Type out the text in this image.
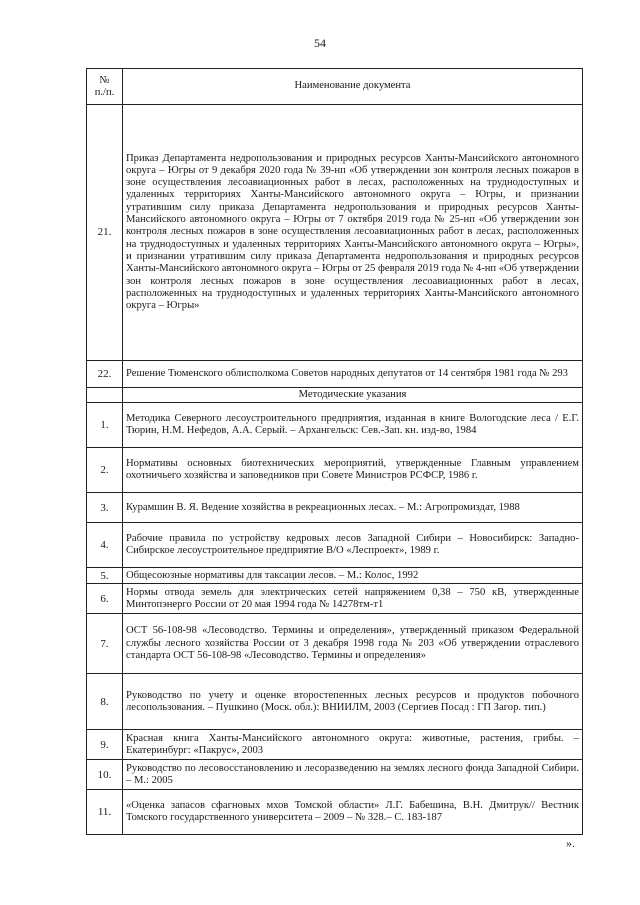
54
№
п./п.	Наименование документа
21.	Приказ Департамента недропользования и природных ресурсов Ханты-Мансийского автономного округа – Югры от 9 декабря 2020 года № 39-нп «Об утверждении зон контроля лесных пожаров в зоне осуществления лесоавиационных работ в лесах, расположенных на труднодоступных и удаленных территориях Ханты-Мансийского автономного округа – Югры, и признании утратившим силу приказа Департамента недропользования и природных ресурсов Ханты-Мансийского автономного округа – Югры от 7 октября 2019 года № 25-нп «Об утверждении зон контроля лесных пожаров в зоне осуществления лесоавиационных работ в лесах, расположенных на труднодоступных и удаленных территориях Ханты-Мансийского автономного округа – Югры», и признании утратившим силу приказа Департамента недропользования и природных ресурсов Ханты-Мансийского автономного округа – Югры от 25 февраля 2019 года № 4-нп «Об утверждении зон контроля лесных пожаров в зоне осуществления лесоавиационных работ в лесах, расположенных на труднодоступных и удаленных территориях Ханты-Мансийского автономного округа – Югры»
22.	Решение Тюменского облисполкома Советов народных депутатов от 14 сентября 1981 года № 293
	Методические указания
1.	Методика Северного лесоустроительного предприятия, изданная в книге Вологодские леса / Е.Г. Тюрин, Н.М. Нефедов, А.А. Серый. – Архангельск: Сев.-Зап. кн. изд-во, 1984
2.	Нормативы основных биотехнических мероприятий, утвержденные Главным управлением охотничьего хозяйства и заповедников при Совете Министров РСФСР, 1986 г.
3.	Курамшин В. Я. Ведение хозяйства в рекреационных лесах. – М.: Агропромиздат, 1988
4.	Рабочие правила по устройству кедровых лесов Западной Сибири – Новосибирск: Западно-Сибирское лесоустроительное предприятие В/О «Леспроект», 1989 г.
5.	Общесоюзные нормативы для таксации лесов. – М.: Колос, 1992
6.	Нормы отвода земель для электрических сетей напряжением 0,38 – 750 кВ, утвержденные Минтопэнерго России от 20 мая 1994 года № 14278тм-т1
7.	ОСТ 56-108-98 «Лесоводство. Термины и определения», утвержденный приказом Федеральной службы лесного хозяйства России от 3 декабря 1998 года № 203 «Об утверждении отраслевого стандарта ОСТ 56-108-98 «Лесоводство. Термины и определения»
8.	Руководство по учету и оценке второстепенных лесных ресурсов и продуктов побочного лесопользования. – Пушкино (Моск. обл.): ВНИИЛМ, 2003 (Сергиев Посад : ГП Загор. тип.)
9.	Красная книга Ханты-Мансийского автономного округа: животные, растения, грибы. – Екатеринбург: «Пакрус», 2003
10.	Руководство по лесовосстановлению и лесоразведению на землях лесного фонда Западной Сибири. – М.: 2005
11.	«Оценка запасов сфагновых мхов Томской области» Л.Г. Бабешина, В.Н. Дмитрук// Вестник Томского государственного университета – 2009 – № 328.– С. 183-187
».
